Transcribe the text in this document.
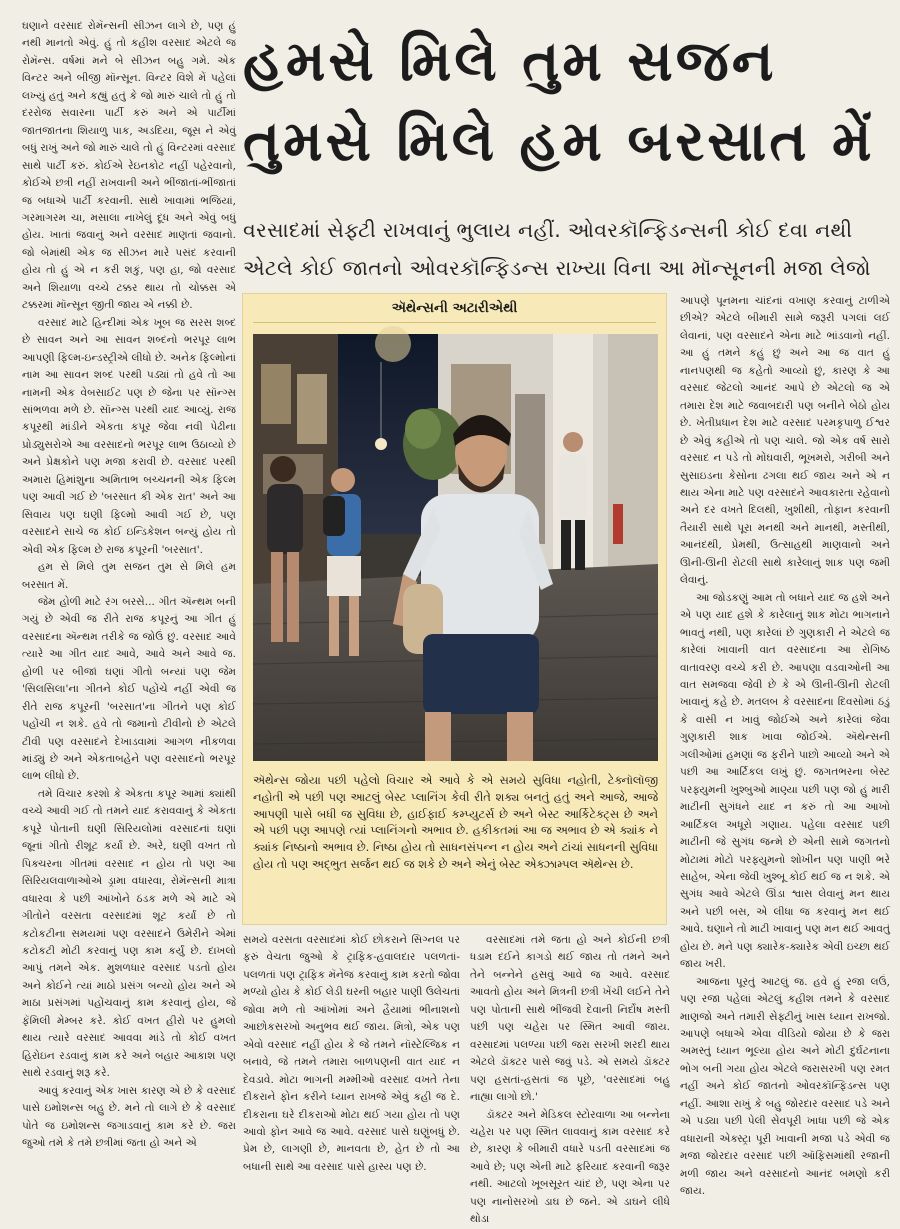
ઘણાને વરસાદ રોમૅન્સની સીઝન લાગે છે, પણ હું નથી માનતો એવું. હું તો કહીશ વરસાદ એટલે જ રોમૅન્સ. વર્ષમાં મને બે સીઝન બહુ ગમે. એક વિન્ટર અને બીજી મૉન્સૂન. વિન્ટર વિશે મેં પહેલાં લખ્યું હતું અને કહ્યું હતું કે જો મારું ચાલે તો હું તો દરરોજ સવારના પાર્ટી કરું અને એ પાર્ટીમાં જાતજાતના શિયાળુ પાક, અડદિયા, જૂસ ને એવું બધું રાખું અને જો મારું ચાલે તો હું વિન્ટરમાં વરસાદ સાથે પાર્ટી કરું. કોઈએ રેઇનકોટ નહીં પહેરવાનો, કોઈએ છત્રી નહીં રાખવાની અને ભીંજાતાં-ભીંજાતાં જ બધાએ પાર્ટી કરવાની. સાથે ખાવામાં ભજિયાં, ગરમાગરમ ચા, મસાલા નાખેલું દૂધ અને એવું બધું હોય. ખાતાં જવાનું અને વરસાદ માણતાં જવાનો. જો બેમાંથી એક જ સીઝન મારે પસંદ કરવાની હોય તો હું એ ન કરી શકું, પણ હા, જો વરસાદ અને શિયાળા વચ્ચે ટક્કર થાય તો ચોક્કસ એ ટક્કરમાં મૉન્સૂન જીતી જાય એ નક્કી છે.

વરસાદ માટે હિન્દીમાં એક ખૂબ જ સરસ શબ્દ છે સાવન અને આ સાવન શબ્દનો ભરપૂર લાભ આપણી ફિલ્મ-ઇન્ડસ્ટ્રીએ લીધો છે. અનેક ફિલ્મોનાં નામ આ સાવન શબ્દ પરથી પડ્યાં તો હવે તો આ નામની એક વેબસાઈટ પણ છે જેના પર સૉન્ગ્સ સાંભળવા મળે છે. સૉન્ગ્સ પરથી યાદ આવ્યું. રાજ કપૂરથી માંડીને એકતા કપૂર જેવા નવી પેઢીના પ્રોડ્યુસરોએ આ વરસાદનો ભરપૂર લાભ ઉઠાવ્યો છે અને પ્રેક્ષકોને પણ મજા કરાવી છે. વરસાદ પરથી અમારા હિમાંશુના અમિતાભ બચ્ચનની એક ફિલ્મ પણ આવી ગઈ છે 'બરસાત કી એક રાત' અને આ સિવાય પણ ઘણી ફિલ્મો આવી ગઈ છે, પણ વરસાદને સાચે જ કોઈ ઇન્ડિકેશન બન્યું હોય તો એવી એક ફિલ્મ છે રાજ કપૂરની 'બરસાત'.

હમ સે મિલે તુમ સજન તુમ સે મિલે હમ બરસાત મેં.

જેમ હોળી માટે રંગ બરસે... ગીત ઍન્થમ બની ગયું છે એવી જ રીતે રાજ કપૂરનું આ ગીત હું વરસાદના ઍન્થમ તરીકે જ જોઉં છું. વરસાદ આવે ત્યારે આ ગીત યાદ આવે, આવે અને આવે જ. હોળી પર બીજાં ઘણાં ગીતો બન્યાં પણ જેમ 'સિલસિલા'ના ગીતને કોઈ પહોંચે નહીં એવી જ રીતે રાજ કપૂરની 'બરસાત'ના ગીતને પણ કોઈ પહોંચી ન શકે. હવે તો જમાનો ટીવીનો છે એટલે ટીવી પણ વરસાદને દેખાડવામાં આગળ નીકળવા માંડ્યું છે અને એકતાબહેને પણ વરસાદનો ભરપૂર લાભ લીધો છે.

તમે વિચાર કરશો કે એકતા કપૂર આમાં ક્યાંથી વચ્ચે આવી ગઈ તો તમને યાદ કરાવવાનું કે એકતા કપૂરે પોતાની ઘણી સિરિયલોમાં વરસાદનાં ઘણાં જૂનાં ગીતો રીશૂટ કર્યાં છે. અરે, ઘણી વખત તો પિક્ચરના ગીતમાં વરસાદ ન હોય તો પણ આ સિરિયલવાળાઓએ ડ્રામા વધારવા, રોમૅન્સની માત્રા વધારવા કે પછી આંખોને ઠંડક મળે એ માટે એ ગીતોને વરસતા વરસાદમાં શૂટ કર્યાં છે તો કટોકટીના સમયમાં પણ વરસાદને ઉમેરીને એમાં કટોકટી મોટી કરવાનું પણ કામ કર્યું છે. દાખલો આપું તમને એક. મુશળધાર વરસાદ પડતો હોય અને કોઈને ત્યાં માઠો પ્રસંગ બન્યો હોય અને એ માઠા પ્રસંગમાં પહોંચવાનું કામ કરવાનું હોય, જે ફૅમિલી મેમ્બર કરે. કોઈ વખત હીરો પર હુમલો થાય ત્યારે વરસાદ આવવા માંડે તો કોઈ વખત હિરોઇન રડવાનું કામ કરે અને બહાર આકાશ પણ સાથે રડવાનું શરૂ કરે.

આવું કરવાનું એક ખાસ કારણ એ છે કે વરસાદ પાસે ઇમોશન્સ બહુ છે. મને તો લાગે છે કે વરસાદ પોતે જ ઇમોશન્સ જગાડવાનું કામ કરે છે. જરા જુઓ તમે કે તમે છત્રીમાં જતા હો અને એ

હમસે મિલે તુમ સજન
તુમસે મિલે હમ બરસાત મેં
વરસાદમાં સેફ્ટી રાખવાનું ભુલાય નહીં. ઓવરકૉન્ફિડન્સની કોઈ દવા નથી
એટલે કોઈ જાતનો ઓવરકૉન્ફિડન્સ રાખ્યા વિના આ મૉન્સૂનની મજા લેજો
ઍથેન્સની અટારીએથી
ઍથેન્સ જોયા પછી પહેલો વિચાર એ આવે કે એ સમયે સુવિધા નહોતી, ટેક્નૉલૉજી નહોતી એ પછી પણ આટલું બેસ્ટ પ્લાનિંગ કેવી રીતે શક્ય બનતું હતું અને આજે, આજે આપણી પાસે બધી જ સુવિધા છે, હાઈફાઈ કમ્પ્યુટર્સ છે અને બેસ્ટ આર્કિટેક્ટ્સ છે અને એ પછી પણ આપણે ત્યાં પ્લાનિંગનો અભાવ છે. હકીકતમાં આ જ અભાવ છે એ ક્યાંક ને ક્યાંક નિષ્ઠાનો અભાવ છે. નિષ્ઠા હોય તો સાધનસંપન્ન ન હોય અને ટાંચાં સાધનની સુવિધા હોય તો પણ અદ્ભુત સર્જન થઈ જ શકે છે અને એનું બેસ્ટ એક્ઝામ્પલ ઍથેન્સ છે.

આપણે પૂનમના ચાંદનાં વખાણ કરવાનું ટાળીએ છીએ? એટલે બીમારી સામે જરૂરી પગલાં લઈ લેવાનાં, પણ વરસાદને એના માટે ભાંડવાનો નહીં. આ હું તમને કહું છું અને આ જ વાત હું નાનપણથી જ કહેતો આવ્યો છું, કારણ કે આ વરસાદ જેટલો આનંદ આપે છે એટલો જ એ તમારા દેશ માટે જવાબદારી પણ બનીને બેઠો હોય છે. ખેતીપ્રધાન દેશ માટે વરસાદ પરમકૃપાળુ ઈશ્વર છે એવું કહીએ તો પણ ચાલે. જો એક વર્ષ સારો વરસાદ ન પડે તો મોંઘવારી, ભૂખમરો, ગરીબી અને સુસાઇડના કેસોના ઢગલા થઈ જાય અને એ ન થાય એના માટે પણ વરસાદને આવકારતા રહેવાનો અને દર વખતે દિલથી, ખુશીથી, તોફાન કરવાની તૈયારી સાથે પૂરા મનથી અને માનથી, મસ્તીથી, આનંદથી, પ્રેમથી, ઉત્સાહથી માણવાનો અને ઊની-ઊની રોટલી સાથે કારેલાનું શાક પણ જમી લેવાનું.

આ જોડકણું આમ તો બધાને યાદ જ હશે અને એ પણ યાદ હશે કે કારેલાનું શાક મોટા ભાગનાને ભાવતું નથી, પણ કારેલાં છે ગુણકારી ને એટલે જ કારેલાં ખાવાની વાત વરસાદના આ રોગિષ્ઠ વાતાવરણ વચ્ચે કરી છે. આપણા વડવાઓની આ વાત સમજવા જેવી છે કે એ ઊની-ઊની રોટલી ખાવાનું કહે છે. મતલબ કે વરસાદના દિવસોમાં ઠંડું કે વાસી ન ખાવું જોઈએ અને કારેલાં જેવા ગુણકારી શાક ખાવા જોઈએ. ઍથેન્સની ગલીઓમાં હમણાં જ ફરીને પાછો આવ્યો અને એ પછી આ આર્ટિકલ લખું છું. જગતભરના બેસ્ટ પરફ્યુમની ખુશ્બુઓ માણ્યા પછી પણ જો હું મારી માટીની સુગંધને યાદ ન કરું તો આ આખો આર્ટિકલ અધૂરો ગણાય. પહેલા વરસાદ પછી માટીની જે સુગંધ જન્મે છે એની સામે જગતનો મોટામાં મોટો પરફ્યુમનો શોખીન પણ પાણી ભરે સાહેબ, એના જેવી ખુશ્બૂ કોઈ થઈ જ ન શકે. એ સુગંધ આવે એટલે ઊંડા શ્વાસ લેવાનું મન થાય અને પછી બસ, એ લીધા જ કરવાનું મન થઈ આવે. ઘણાને તો માટી ખાવાનું પણ મન થઈ આવતું હોય છે. મને પણ ક્યારેક-ક્યારેક એવી ઇચ્છા થઈ જાય ખરી.

આજના પૂરતું આટલું જ. હવે હું રજા લઉં, પણ રજા પહેલાં એટલું કહીશ તમને કે વરસાદ માણજો અને તમારી સેફ્ટીનું ખાસ ધ્યાન રાખજો. આપણે બધાએ એવા વીડિયો જોયા છે કે જરા અમસ્તું ધ્યાન ભૂલ્યા હોય અને મોટી દુર્ઘટનાના ભોગ બની ગયા હોય એટલે જરાસરખી પણ રમત નહીં અને કોઈ જાતનો ઓવરકૉન્ફિડન્સ પણ નહીં. આશા રાખું કે બહુ જોરદાર વરસાદ પડે અને એ પડ્યા પછી પેલી સેવપૂરી ખાધા પછી જે એક વધારાની એક્સ્ટ્રા પૂરી ખાવાની મજા પડે એવી જ મજા જોરદાર વરસાદ પછી ઑફિસમાંથી રજાની મળી જાય અને વરસાદનો આનંદ બમણો કરી જાય.

સમયે વરસતા વરસાદમાં કોઈ છોકરાને સિગ્નલ પર ફરું વેચતા જુઓ કે ટ્રાફિક-હવાલદાર પલળતાં-પલળતાં પણ ટ્રાફિક મૅનેજ કરવાનું કામ કરતો જોવા મળ્યો હોય કે કોઈ લેડી ઘરની બહાર પાણી ઉલેચતાં જોવા મળે તો આંખોમાં અને હૈયામાં ભીનાશનો આછોકસરખો અનુભવ થઈ જાય. મિત્રો, એક પણ એવો વરસાદ નહીં હોય કે જે તમને નૉસ્ટેલ્જિક ન બનાવે, જે તમને તમારા બાળપણની વાત યાદ ન દેવડાવે. મોટા ભાગની મમ્મીઓ વરસાદ વખતે તેના દીકરાને ફોન કરીને ધ્યાન રાખજે એવું કહી જ દે. દીકરાના ઘરે દીકરાઓ મોટા થઈ ગયા હોય તો પણ આવો ફોન આવે જ આવે. વરસાદ પાસે ઘણુંબધું છે. પ્રેમ છે, લાગણી છે, માનવતા છે, હેત છે તો આ બધાની સાથે આ વરસાદ પાસે હાસ્ય પણ છે.

વરસાદમાં તમે જતા હો અને કોઈની છત્રી ધડામ દઈને કાગડો થઈ જાય તો તમને અને તેને બન્નેને હસવું આવે જ આવે. વરસાદ આવતો હોય અને મિત્રની છત્રી ખેંચી લઈને તેને પણ પોતાની સાથે ભીંજવી દેવાની નિર્દોષ મસ્તી પછી પણ ચહેરા પર સ્મિત આવી જાય. વરસાદમાં પલળ્યા પછી જરા સરખી શરદી થાય એટલે ડૉક્ટર પાસે જવું પડે. એ સમયે ડૉક્ટર પણ હસતાં-હસતાં જ પૂછે, 'વરસાદમાં બહુ નાહ્યા લાગો છો.'

ડૉક્ટર અને મેડિકલ સ્ટોરવાળા આ બન્નેના ચહેરા પર પણ સ્મિત લાવવાનું કામ વરસાદ કરે છે, કારણ કે બીમારી વધારે પડતી વરસાદમાં જ આવે છે; પણ એની માટે ફરિયાદ કરવાની જરૂર નથી. આટલો ખૂબસૂરત ચાંદ છે, પણ એના પર પણ નાનોસરખો ડાઘ છે જને. એ ડાઘને લીધે થોડા
